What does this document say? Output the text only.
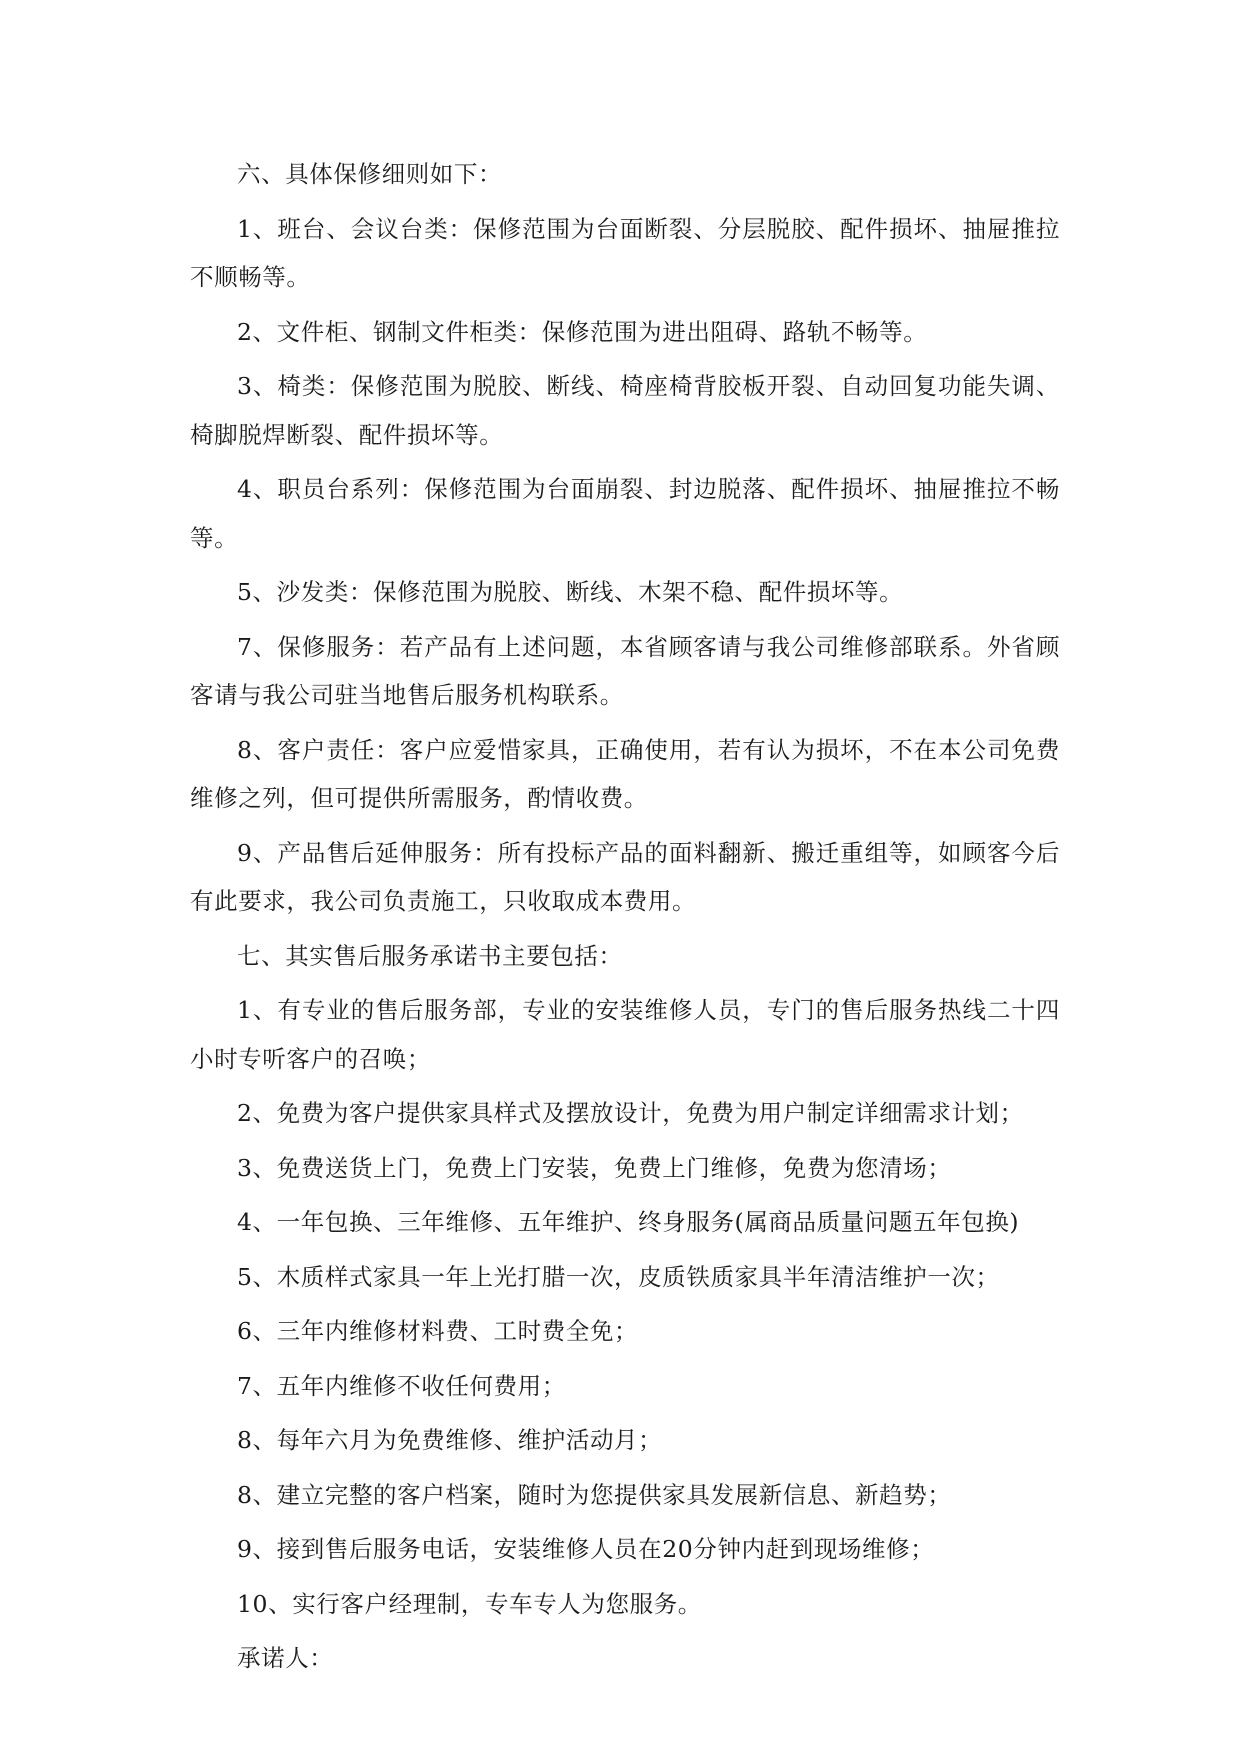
六、具体保修细则如下：

1、班台、会议台类：保修范围为台面断裂、分层脱胶、配件损坏、抽屉推拉不顺畅等。

2、文件柜、钢制文件柜类：保修范围为进出阻碍、路轨不畅等。

3、椅类：保修范围为脱胶、断线、椅座椅背胶板开裂、自动回复功能失调、椅脚脱焊断裂、配件损坏等。

4、职员台系列：保修范围为台面崩裂、封边脱落、配件损坏、抽屉推拉不畅等。

5、沙发类：保修范围为脱胶、断线、木架不稳、配件损坏等。

7、保修服务：若产品有上述问题，本省顾客请与我公司维修部联系。外省顾客请与我公司驻当地售后服务机构联系。

8、客户责任：客户应爱惜家具，正确使用，若有认为损坏，不在本公司免费维修之列，但可提供所需服务，酌情收费。

9、产品售后延伸服务：所有投标产品的面料翻新、搬迁重组等，如顾客今后有此要求，我公司负责施工，只收取成本费用。

七、其实售后服务承诺书主要包括：

1、有专业的售后服务部，专业的安装维修人员，专门的售后服务热线二十四小时专听客户的召唤；

2、免费为客户提供家具样式及摆放设计，免费为用户制定详细需求计划；

3、免费送货上门，免费上门安装，免费上门维修，免费为您清场；

4、一年包换、三年维修、五年维护、终身服务(属商品质量问题五年包换)

5、木质样式家具一年上光打腊一次，皮质铁质家具半年清洁维护一次；

6、三年内维修材料费、工时费全免；

7、五年内维修不收任何费用；

8、每年六月为免费维修、维护活动月；

8、建立完整的客户档案，随时为您提供家具发展新信息、新趋势；

9、接到售后服务电话，安装维修人员在20分钟内赶到现场维修；

10、实行客户经理制，专车专人为您服务。

承诺人：
